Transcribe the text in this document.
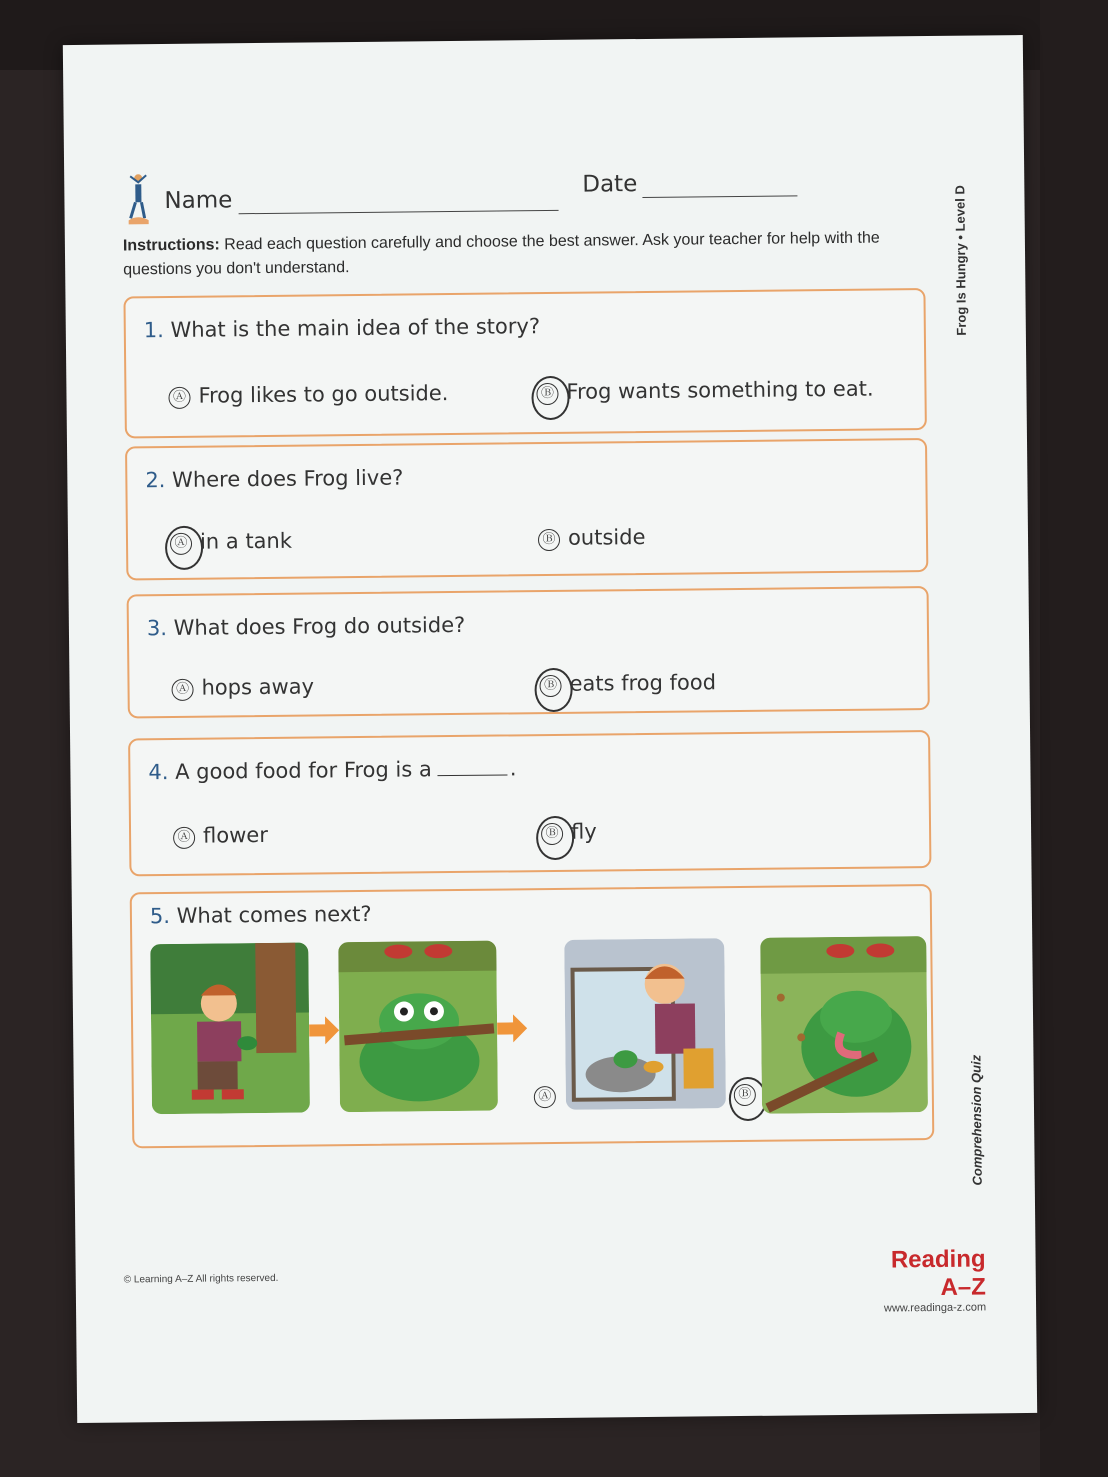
Name
Date
Instructions: Read each question carefully and choose the best answer. Ask your teacher for help with the questions you don't understand.	Frog Is Hungry • Level D
Comprehension Quiz
1. What is the main idea of the story?
Ⓐ Frog likes to go outside.	Ⓑ Frog wants something to eat.
2. Where does Frog live?
Ⓐ in a tank	Ⓑ outside
3. What does Frog do outside?
Ⓐ hops away	Ⓑ eats frog food
4. A good food for Frog is a	.
Ⓐ flower	Ⓑ fly
5. What comes next?
Ⓐ	Ⓑ
© Learning A–Z All rights reserved.
Reading A–Z
www.readinga-z.com
